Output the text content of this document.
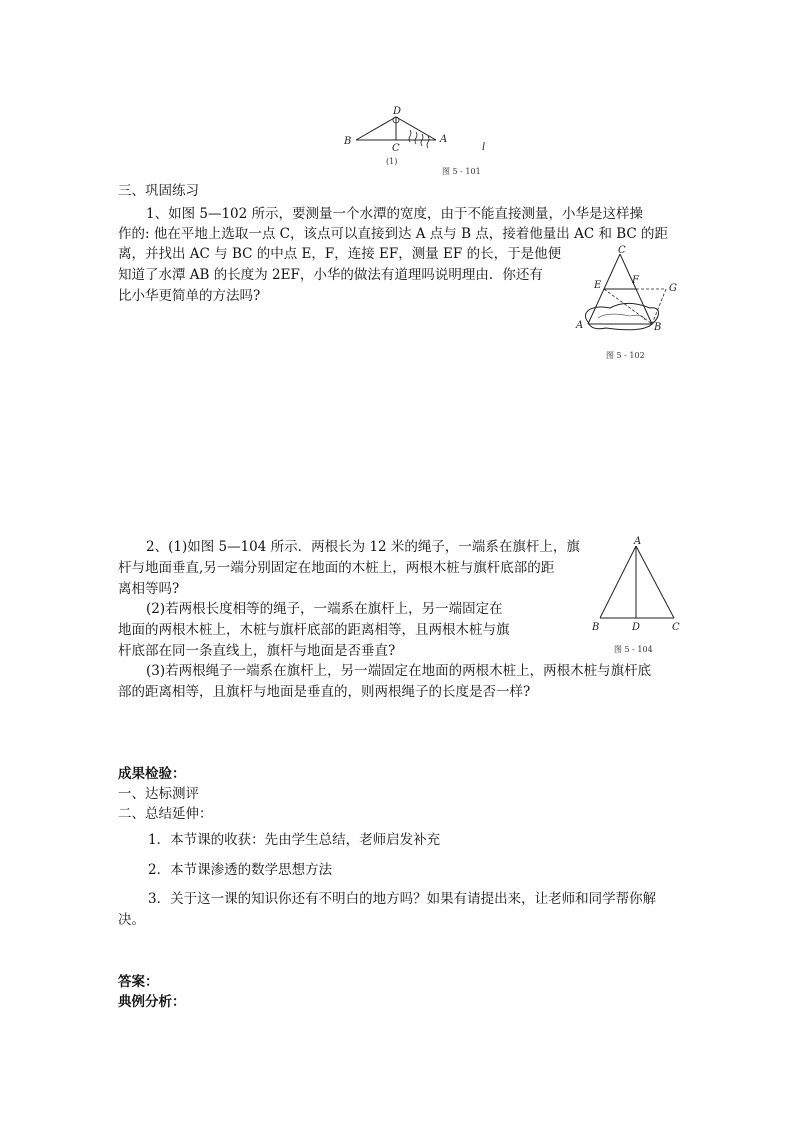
D
B
C
A
l
(1)
图 5 - 101
三、巩固练习
1、如图 5—102 所示，要测量一个水潭的宽度，由于不能直接测量，小华是这样操
作的: 他在平地上选取一点 C，该点可以直接到达 A 点与 B 点，接着他量出 AC 和 BC 的距
离，并找出 AC 与 BC 的中点 E，F，连接 EF，测量 EF 的长，于是他便
知道了水潭 AB 的长度为 2EF，小华的做法有道理吗说明理由．你还有
比小华更简单的方法吗?
C
E	F
G
A	B
图 5 - 102
2、(1)如图 5—104 所示．两根长为 12 米的绳子，一端系在旗杆上，旗
杆与地面垂直,另一端分别固定在地面的木桩上，两根木桩与旗杆底部的距
离相等吗?
(2)若两根长度相等的绳子，一端系在旗杆上，另一端固定在
地面的两根木桩上，木桩与旗杆底部的距离相等，且两根木桩与旗
杆底部在同一条直线上，旗杆与地面是否垂直?
(3)若两根绳子一端系在旗杆上，另一端固定在地面的两根木桩上，两根木桩与旗杆底
部的距离相等，且旗杆与地面是垂直的，则两根绳子的长度是否一样?
A
B	D	C
图 5 - 104
成果检验：
一、达标测评
二、总结延伸：
1．本节课的收获：先由学生总结，老师启发补充
2．本节课渗透的数学思想方法
3．关于这一课的知识你还有不明白的地方吗？如果有请提出来，让老师和同学帮你解
决。
答案：
典例分析：
